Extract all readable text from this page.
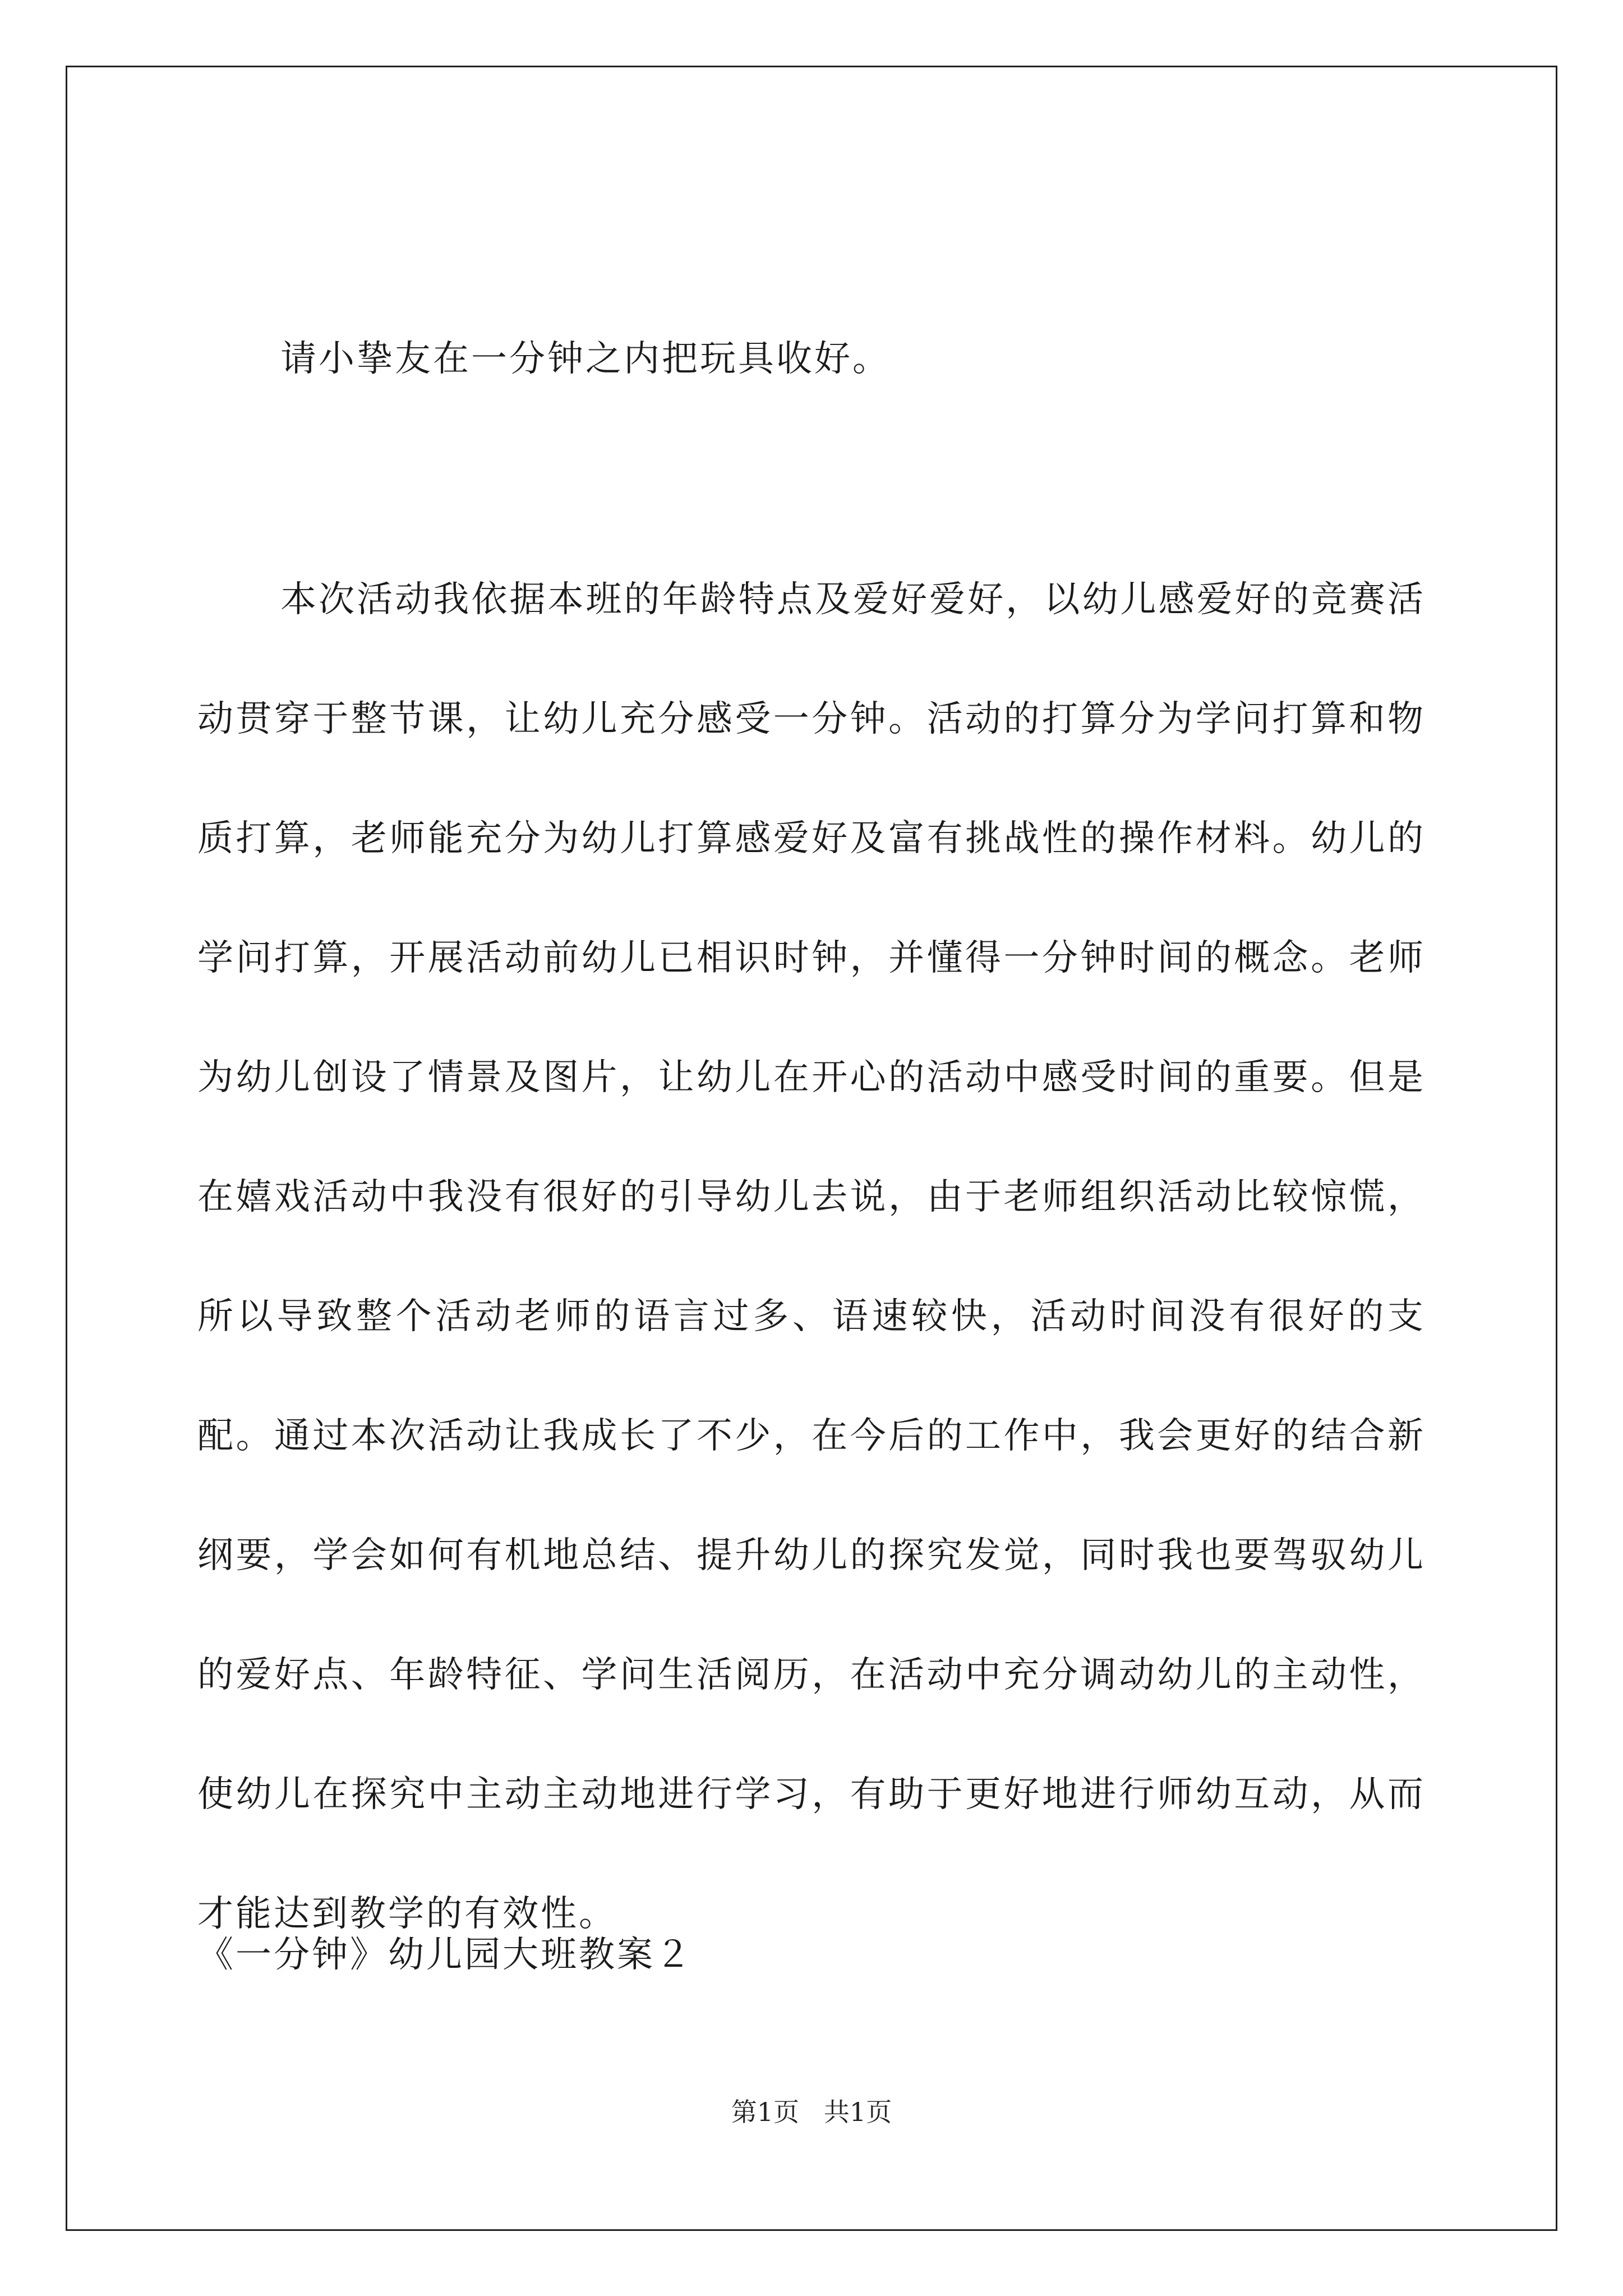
请小挚友在一分钟之内把玩具收好。

本次活动我依据本班的年龄特点及爱好爱好，以幼儿感爱好的竞赛活动贯穿于整节课，让幼儿充分感受一分钟。活动的打算分为学问打算和物质打算，老师能充分为幼儿打算感爱好及富有挑战性的操作材料。幼儿的学问打算，开展活动前幼儿已相识时钟，并懂得一分钟时间的概念。老师为幼儿创设了情景及图片，让幼儿在开心的活动中感受时间的重要。但是在嬉戏活动中我没有很好的引导幼儿去说，由于老师组织活动比较惊慌，所以导致整个活动老师的语言过多、语速较快，活动时间没有很好的支配。通过本次活动让我成长了不少，在今后的工作中，我会更好的结合新纲要，学会如何有机地总结、提升幼儿的探究发觉，同时我也要驾驭幼儿的爱好点、年龄特征、学问生活阅历，在活动中充分调动幼儿的主动性，使幼儿在探究中主动主动地进行学习，有助于更好地进行师幼互动，从而才能达到教学的有效性。

《一分钟》幼儿园大班教案２
第1页   共1页
